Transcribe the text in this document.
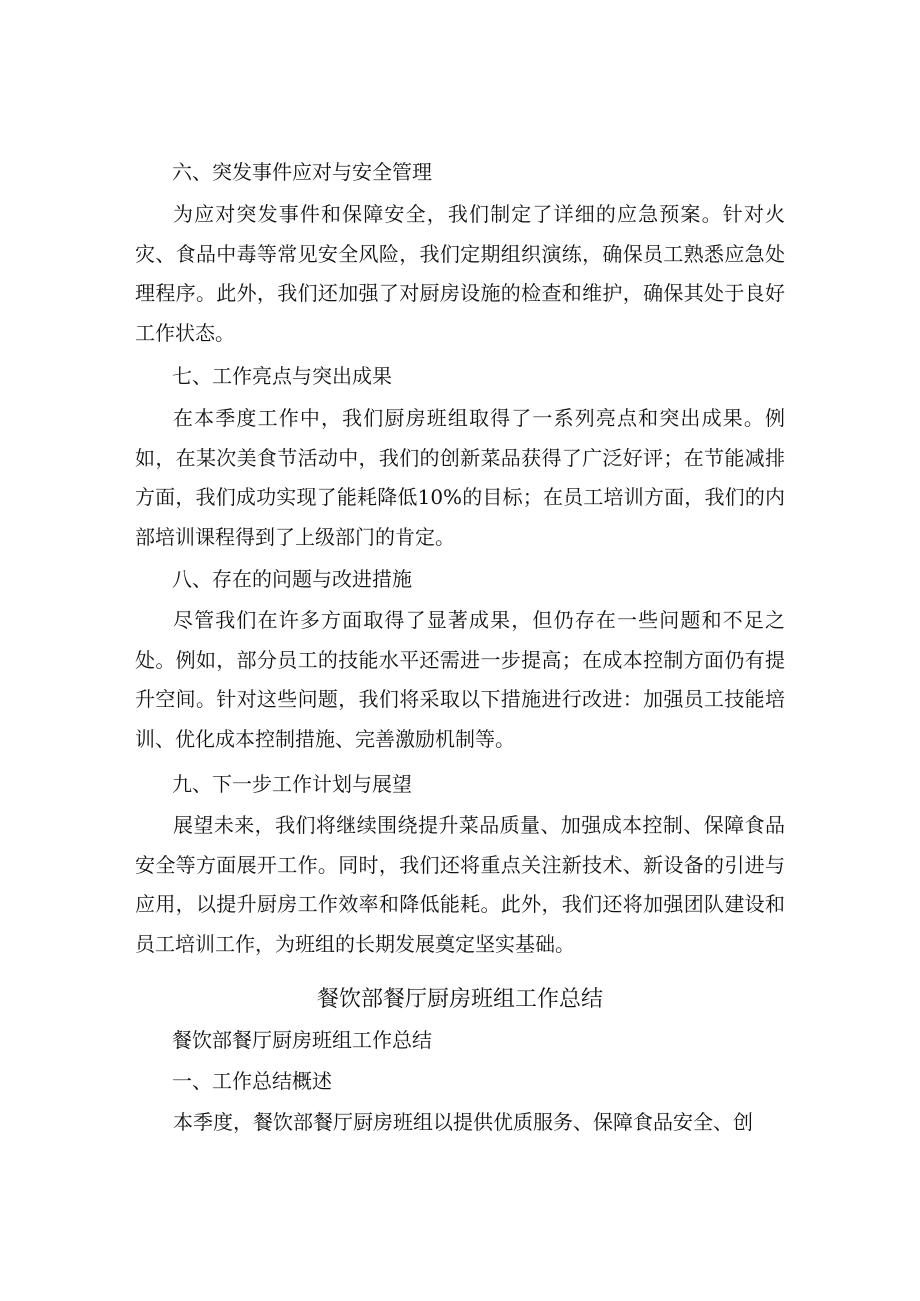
六、突发事件应对与安全管理

为应对突发事件和保障安全，我们制定了详细的应急预案。针对火灾、食品中毒等常见安全风险，我们定期组织演练，确保员工熟悉应急处理程序。此外，我们还加强了对厨房设施的检查和维护，确保其处于良好工作状态。

七、工作亮点与突出成果

在本季度工作中，我们厨房班组取得了一系列亮点和突出成果。例如，在某次美食节活动中，我们的创新菜品获得了广泛好评；在节能减排方面，我们成功实现了能耗降低10%的目标；在员工培训方面，我们的内部培训课程得到了上级部门的肯定。

八、存在的问题与改进措施

尽管我们在许多方面取得了显著成果，但仍存在一些问题和不足之处。例如，部分员工的技能水平还需进一步提高；在成本控制方面仍有提升空间。针对这些问题，我们将采取以下措施进行改进：加强员工技能培训、优化成本控制措施、完善激励机制等。

九、下一步工作计划与展望

展望未来，我们将继续围绕提升菜品质量、加强成本控制、保障食品安全等方面展开工作。同时，我们还将重点关注新技术、新设备的引进与应用，以提升厨房工作效率和降低能耗。此外，我们还将加强团队建设和员工培训工作，为班组的长期发展奠定坚实基础。

餐饮部餐厅厨房班组工作总结
餐饮部餐厅厨房班组工作总结
一、工作总结概述

本季度，餐饮部餐厅厨房班组以提供优质服务、保障食品安全、创
